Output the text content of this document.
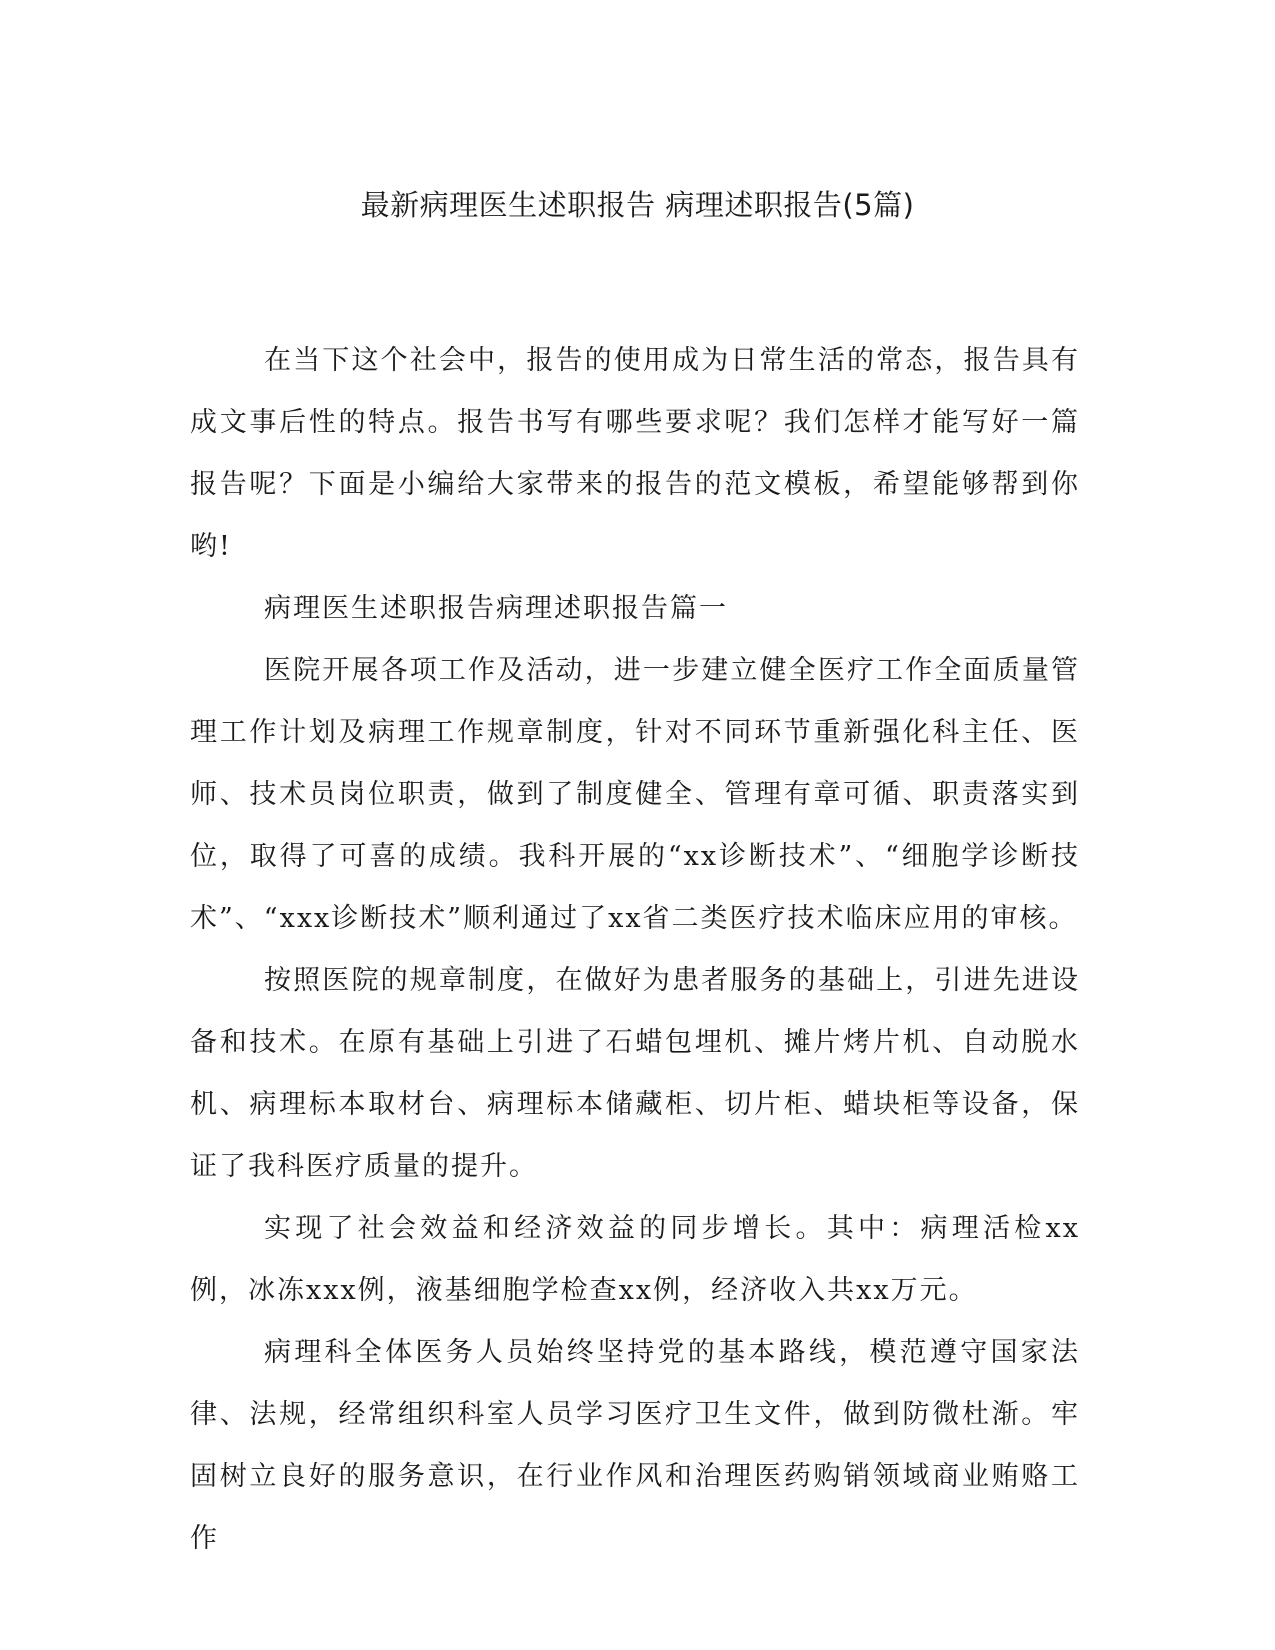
最新病理医生述职报告 病理述职报告(5篇)

在当下这个社会中，报告的使用成为日常生活的常态，报告具有成文事后性的特点。报告书写有哪些要求呢？我们怎样才能写好一篇报告呢？下面是小编给大家带来的报告的范文模板，希望能够帮到你哟!

病理医生述职报告病理述职报告篇一

医院开展各项工作及活动，进一步建立健全医疗工作全面质量管理工作计划及病理工作规章制度，针对不同环节重新强化科主任、医师、技术员岗位职责，做到了制度健全、管理有章可循、职责落实到位，取得了可喜的成绩。我科开展的“xx诊断技术”、“细胞学诊断技术”、“xxx诊断技术”顺利通过了xx省二类医疗技术临床应用的审核。

按照医院的规章制度，在做好为患者服务的基础上，引进先进设备和技术。在原有基础上引进了石蜡包埋机、摊片烤片机、自动脱水机、病理标本取材台、病理标本储藏柜、切片柜、蜡块柜等设备，保证了我科医疗质量的提升。

实现了社会效益和经济效益的同步增长。其中：病理活检xx例，冰冻xxx例，液基细胞学检查xx例，经济收入共xx万元。

病理科全体医务人员始终坚持党的基本路线，模范遵守国家法律、法规，经常组织科室人员学习医疗卫生文件，做到防微杜渐。牢固树立良好的服务意识，在行业作风和治理医药购销领域商业贿赂工作
